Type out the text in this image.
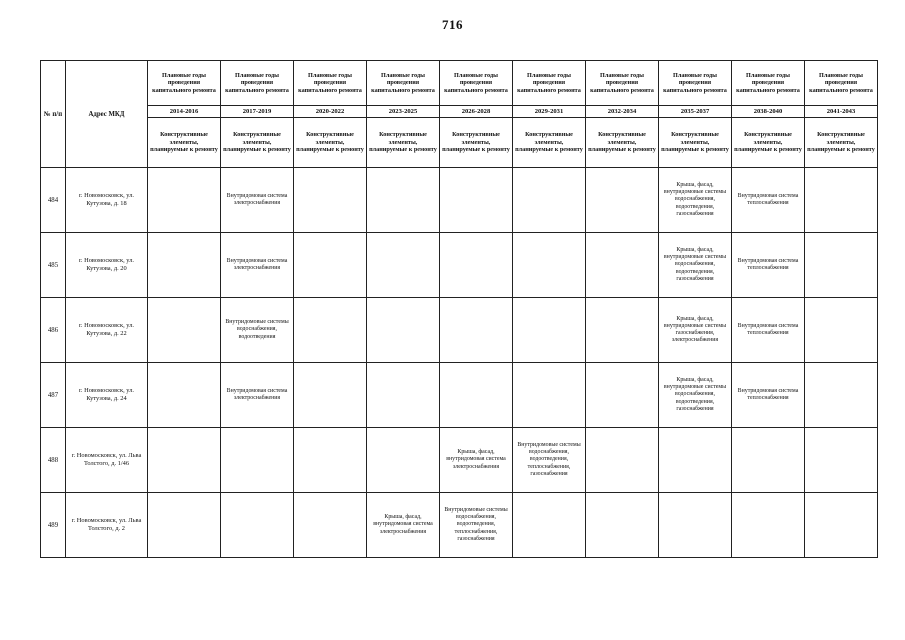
716
№ п/п	Адрес МКД	Плановые годы проведения капитального ремонта	Плановые годы проведения капитального ремонта	Плановые годы проведения капитального ремонта	Плановые годы проведения капитального ремонта	Плановые годы проведения капитального ремонта	Плановые годы проведения капитального ремонта	Плановые годы проведения капитального ремонта	Плановые годы проведения капитального ремонта	Плановые годы проведения капитального ремонта	Плановые годы проведения капитального ремонта
		2014-2016	2017-2019	2020-2022	2023-2025	2026-2028	2029-2031	2032-2034	2035-2037	2038-2040	2041-2043
		Конструктивные элементы, планируемые к ремонту	Конструктивные элементы, планируемые к ремонту	Конструктивные элементы, планируемые к ремонту	Конструктивные элементы, планируемые к ремонту	Конструктивные элементы, планируемые к ремонту	Конструктивные элементы, планируемые к ремонту	Конструктивные элементы, планируемые к ремонту	Конструктивные элементы, планируемые к ремонту	Конструктивные элементы, планируемые к ремонту	Конструктивные элементы, планируемые к ремонту
484	г. Новомосковск, ул. Кутузова, д. 18		Внутридомовая система электроснабжения						Крыша, фасад, внутридомовые системы водоснабжения, водоотведения, газоснабжения	Внутридомовая система теплоснабжения	
485	г. Новомосковск, ул. Кутузова, д. 20		Внутридомовая система электроснабжения						Крыша, фасад, внутридомовые системы водоснабжения, водоотведения, газоснабжения	Внутридомовая система теплоснабжения	
486	г. Новомосковск, ул. Кутузова, д. 22		Внутридомовые системы водоснабжения, водоотведения						Крыша, фасад, внутридомовые системы газоснабжения, электроснабжения	Внутридомовая система теплоснабжения	
487	г. Новомосковск, ул. Кутузова, д. 24		Внутридомовая система электроснабжения						Крыша, фасад, внутридомовые системы водоснабжения, водоотведения, газоснабжения	Внутридомовая система теплоснабжения	
488	г. Новомосковск, ул. Льва Толстого, д. 1/46					Крыша, фасад, внутридомовая система электроснабжения	Внутридомовые системы водоснабжения, водоотведения, теплоснабжения, газоснабжения				
489	г. Новомосковск, ул. Льва Толстого, д. 2				Крыша, фасад, внутридомовая система электроснабжения	Внутридомовые системы водоснабжения, водоотведения, теплоснабжения, газоснабжения					
